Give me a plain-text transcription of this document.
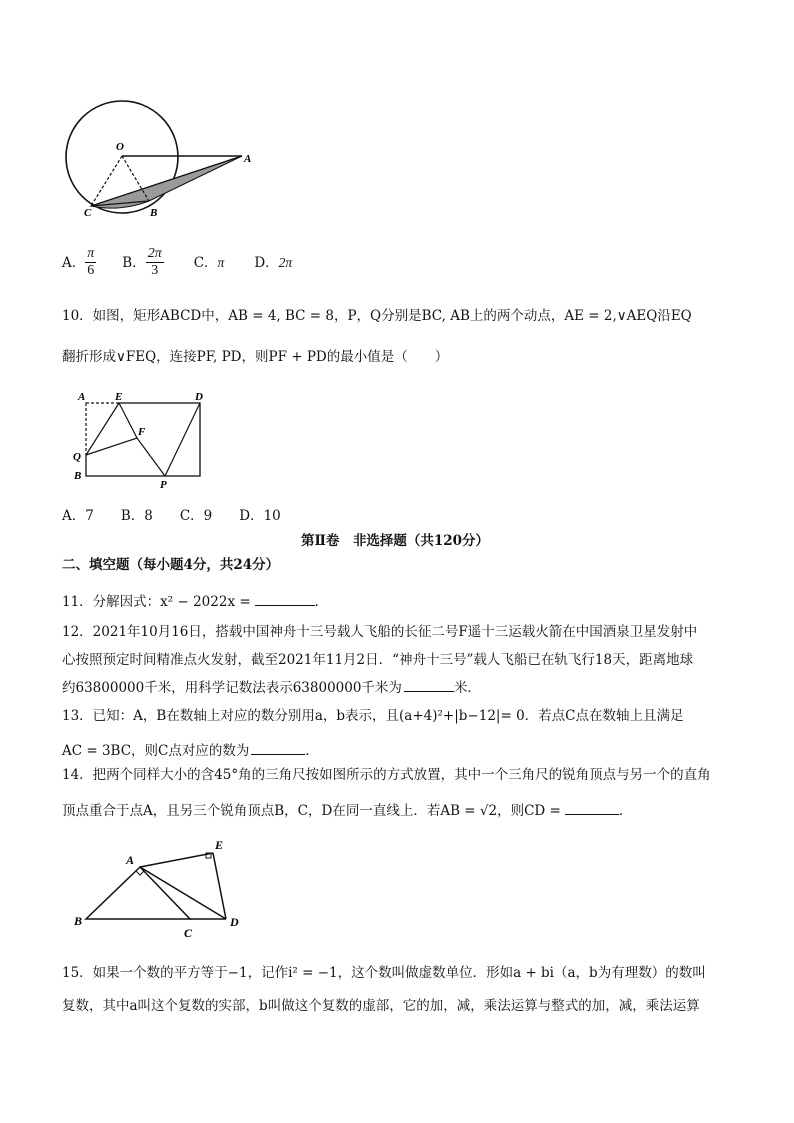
O
A
C	B
A． $\frac{\pi}{6}$ B． $\frac{2\pi}{3}$ C．π D．2π
10．如图，矩形ABCD中，AB = 4, BC = 8，P，Q分别是BC, AB上的两个动点，AE = 2,∨AEQ沿EQ
翻折形成∨FEQ，连接PF, PD，则PF + PD的最小值是（　　）
A	E	D
F
Q
B
P
A．7　　B．8　　C．9　　D．10
第Ⅱ卷　非选择题（共120分）
二、填空题（每小题4分，共24分）
11．分解因式：x² − 2022x =	．
12．2021年10月16日，搭载中国神舟十三号载人飞船的长征二号F遥十三运载火箭在中国酒泉卫星发射中
心按照预定时间精准点火发射，截至2021年11月2日．“神舟十三号”载人飞船已在轨飞行18天，距离地球
约63800000千米，用科学记数法表示63800000千米为	米．
13．已知：A，B在数轴上对应的数分别用a，b表示，且(a+4)²+|b−12|= 0．若点C点在数轴上且满足
AC = 3BC，则C点对应的数为	．
14．把两个同样大小的含45°角的三角尺按如图所示的方式放置，其中一个三角尺的锐角顶点与另一个的直角
顶点重合于点A，且另三个锐角顶点B，C，D在同一直线上．若AB = √2，则CD =	．
A
E
B
C
D
15．如果一个数的平方等于−1，记作i² = −1，这个数叫做虚数单位．形如a + bi（a，b为有理数）的数叫
复数，其中a叫这个复数的实部，b叫做这个复数的虚部，它的加，减，乘法运算与整式的加，减，乘法运算
